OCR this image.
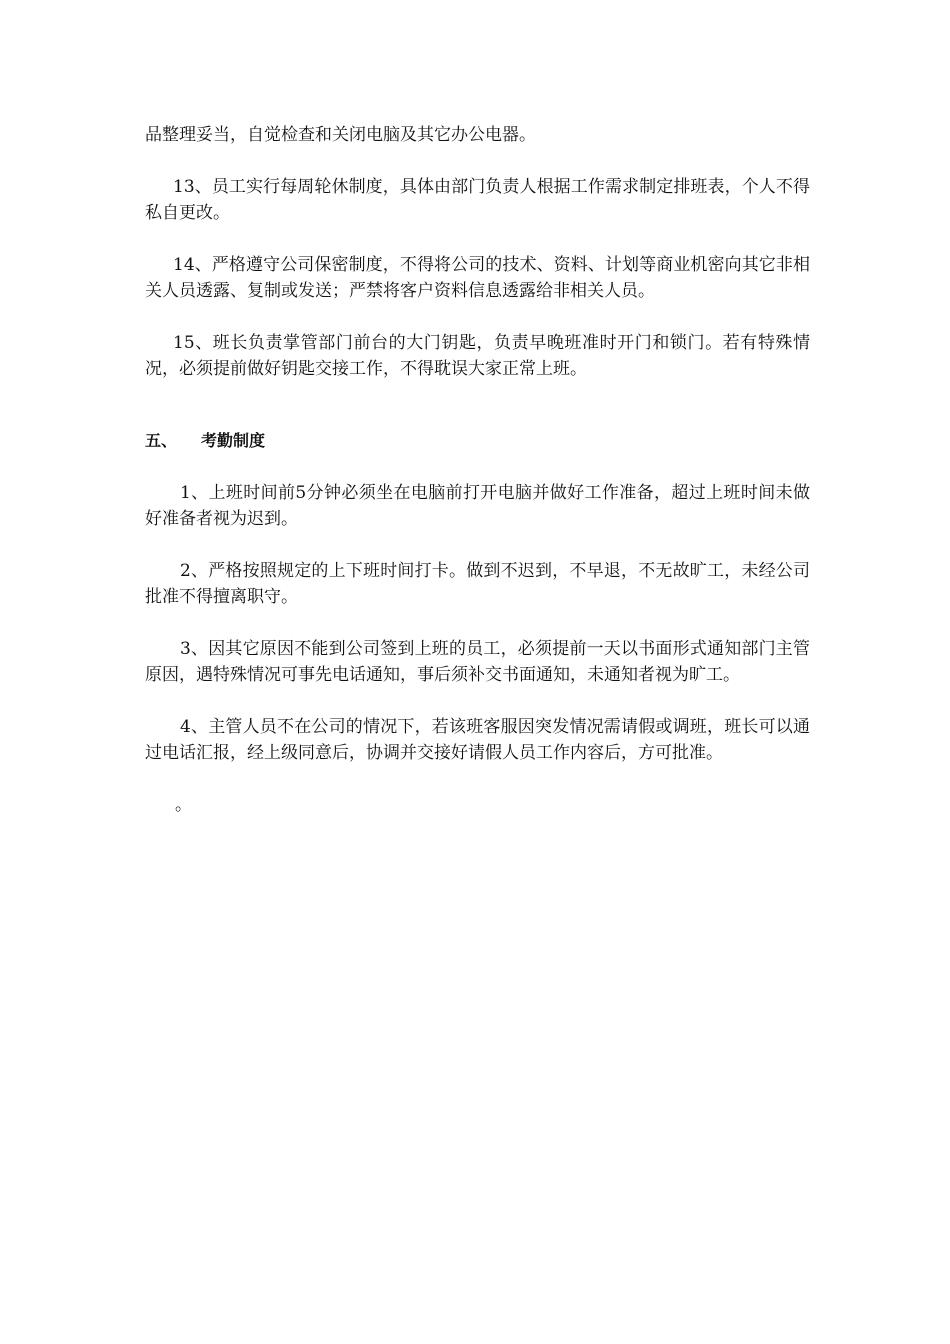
品整理妥当，自觉检查和关闭电脑及其它办公电器。

13、员工实行每周轮休制度，具体由部门负责人根据工作需求制定排班表，个人不得私自更改。

14、严格遵守公司保密制度，不得将公司的技术、资料、计划等商业机密向其它非相关人员透露、复制或发送；严禁将客户资料信息透露给非相关人员。

15、班长负责掌管部门前台的大门钥匙，负责早晚班准时开门和锁门。若有特殊情况，必须提前做好钥匙交接工作，不得耽误大家正常上班。

五、	考勤制度

1、上班时间前5分钟必须坐在电脑前打开电脑并做好工作准备，超过上班时间未做好准备者视为迟到。

2、严格按照规定的上下班时间打卡。做到不迟到，不早退，不无故旷工，未经公司批准不得擅离职守。

3、因其它原因不能到公司签到上班的员工，必须提前一天以书面形式通知部门主管原因，遇特殊情况可事先电话通知，事后须补交书面通知，未通知者视为旷工。

4、主管人员不在公司的情况下，若该班客服因突发情况需请假或调班，班长可以通过电话汇报，经上级同意后，协调并交接好请假人员工作内容后，方可批准。

。
